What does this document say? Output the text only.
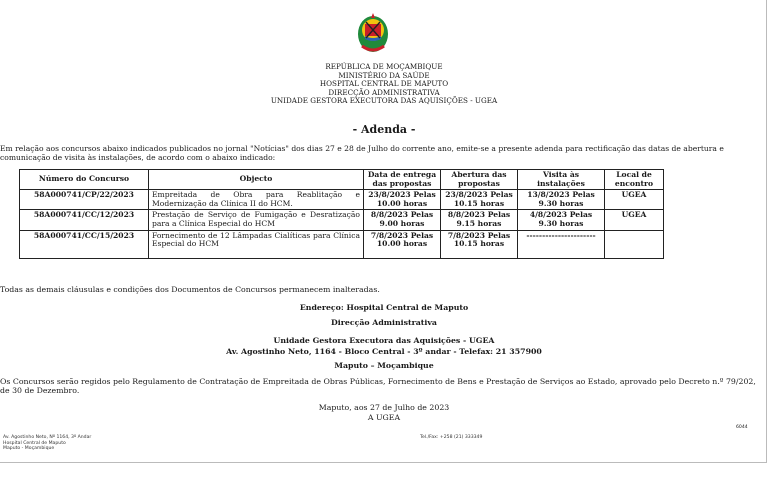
REPÚBLICA DE MOÇAMBIQUE
MINISTÉRIO DA SAÚDE
HOSPITAL CENTRAL DE MAPUTO
DIRECÇÃO ADMINISTRATIVA
UNIDADE GESTORA EXECUTORA DAS AQUISIÇÕES - UGEA
- Adenda -
Em relação aos concursos abaixo indicados publicados no jornal "Notícias" dos dias 27 e 28 de Julho do corrente ano, emite-se a presente adenda para rectificação das datas de abertura e comunicação de visita às instalações, de acordo com o abaixo indicado:
Número do Concurso	Objecto	Data de entrega das propostas	Abertura das propostas	Visita às instalações	Local de encontro
58A000741/CP/22/2023	Empreitada de Obra para Reablitação e Modernização da Clínica II do HCM.	23/8/2023 Pelas 10.00 horas	23/8/2023 Pelas 10.15 horas	13/8/2023 Pelas 9.30 horas	UGEA
58A000741/CC/12/2023	Prestação de Serviço de Fumigação e Desratização para a Clínica Especial do HCM	8/8/2023 Pelas 9.00 horas	8/8/2023 Pelas 9.15 horas	4/8/2023 Pelas 9.30 horas	UGEA
58A000741/CC/15/2023	Fornecimento de 12 Lâmpadas Cialíticas para Clínica Especial do HCM	7/8/2023 Pelas 10.00 horas	7/8/2023 Pelas 10.15 horas	----------------------	
Todas as demais cláusulas e condições dos Documentos de Concursos permanecem inalteradas.
Endereço: Hospital Central de Maputo
Direcção Administrativa
Unidade Gestora Executora das Aquisições - UGEA
Av. Agostinho Neto, 1164 - Bloco Central - 3º andar - Telefax: 21 357900
Maputo – Moçambique
Os Concursos serão regidos pelo Regulamento de Contratação de Empreitada de Obras Públicas, Fornecimento de Bens e Prestação de Serviços ao Estado, aprovado pelo Decreto n.º 79/202, de 30 de Dezembro.
Maputo, aos 27 de Julho de 2023
A UGEA
6044
Av. Agostinho Neto, Nº 1164, 3º Andar
Hospital Central de Maputo
Maputo - Moçambique
Tel./Fax: +258 (21) 333349
